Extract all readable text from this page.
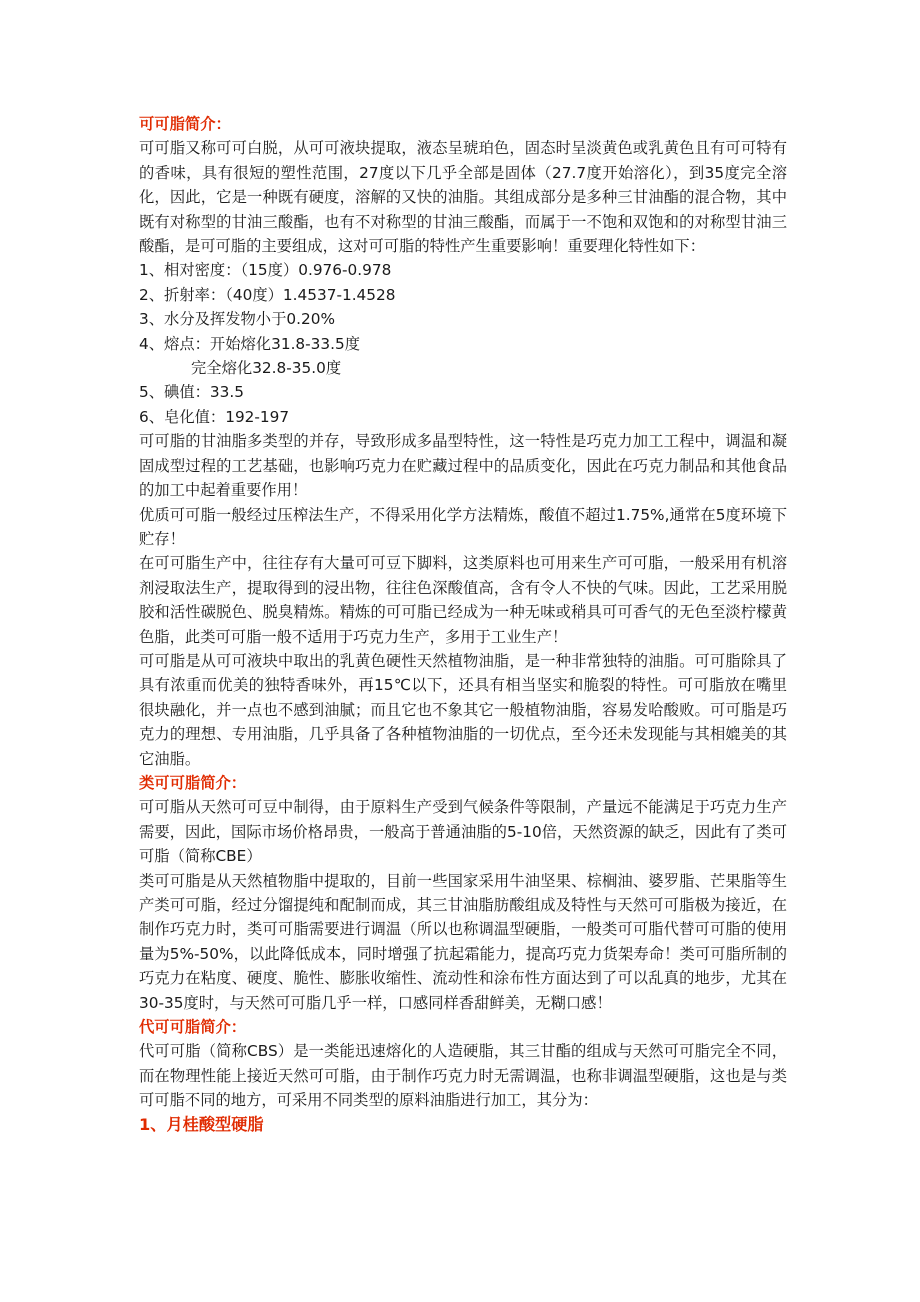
可可脂简介：

可可脂又称可可白脱，从可可液块提取，液态呈琥珀色，固态时呈淡黄色或乳黄色且有可可特有的香味，具有很短的塑性范围，27度以下几乎全部是固体（27.7度开始溶化），到35度完全溶化，因此，它是一种既有硬度，溶解的又快的油脂。其组成部分是多种三甘油酯的混合物，其中既有对称型的甘油三酸酯，也有不对称型的甘油三酸酯，而属于一不饱和双饱和的对称型甘油三酸酯，是可可脂的主要组成，这对可可脂的特性产生重要影响！重要理化特性如下：

1、相对密度：（15度）0.976-0.978
2、折射率：（40度）1.4537-1.4528
3、水分及挥发物小于0.20%
4、熔点：开始熔化31.8-33.5度
完全熔化32.8-35.0度
5、碘值：33.5
6、皂化值：192-197

可可脂的甘油脂多类型的并存，导致形成多晶型特性，这一特性是巧克力加工工程中，调温和凝固成型过程的工艺基础，也影响巧克力在贮藏过程中的品质变化，因此在巧克力制品和其他食品的加工中起着重要作用！

优质可可脂一般经过压榨法生产，不得采用化学方法精炼，酸值不超过1.75%,通常在5度环境下贮存！

在可可脂生产中，往往存有大量可可豆下脚料，这类原料也可用来生产可可脂，一般采用有机溶剂浸取法生产，提取得到的浸出物，往往色深酸值高，含有令人不快的气味。因此，工艺采用脱胶和活性碳脱色、脱臭精炼。精炼的可可脂已经成为一种无味或稍具可可香气的无色至淡柠檬黄色脂，此类可可脂一般不适用于巧克力生产，多用于工业生产！

可可脂是从可可液块中取出的乳黄色硬性天然植物油脂，是一种非常独特的油脂。可可脂除具了具有浓重而优美的独特香味外，再15℃以下，还具有相当坚实和脆裂的特性。可可脂放在嘴里很块融化，并一点也不感到油腻；而且它也不象其它一般植物油脂，容易发哈酸败。可可脂是巧克力的理想、专用油脂，几乎具备了各种植物油脂的一切优点，至今还未发现能与其相媲美的其它油脂。

类可可脂简介：

可可脂从天然可可豆中制得，由于原料生产受到气候条件等限制，产量远不能满足于巧克力生产需要，因此，国际市场价格昂贵，一般高于普通油脂的5-10倍，天然资源的缺乏，因此有了类可可脂（简称CBE）

类可可脂是从天然植物脂中提取的，目前一些国家采用牛油坚果、棕榈油、婆罗脂、芒果脂等生产类可可脂，经过分馏提纯和配制而成，其三甘油脂肪酸组成及特性与天然可可脂极为接近，在制作巧克力时，类可可脂需要进行调温（所以也称调温型硬脂，一般类可可脂代替可可脂的使用量为5%-50%，以此降低成本，同时增强了抗起霜能力，提高巧克力货架寿命！类可可脂所制的巧克力在粘度、硬度、脆性、膨胀收缩性、流动性和涂布性方面达到了可以乱真的地步，尤其在30-35度时，与天然可可脂几乎一样，口感同样香甜鲜美，无糊口感！

代可可脂简介：

代可可脂（简称CBS）是一类能迅速熔化的人造硬脂，其三甘酯的组成与天然可可脂完全不同，而在物理性能上接近天然可可脂，由于制作巧克力时无需调温，也称非调温型硬脂，这也是与类可可脂不同的地方，可采用不同类型的原料油脂进行加工，其分为：

1、月桂酸型硬脂
